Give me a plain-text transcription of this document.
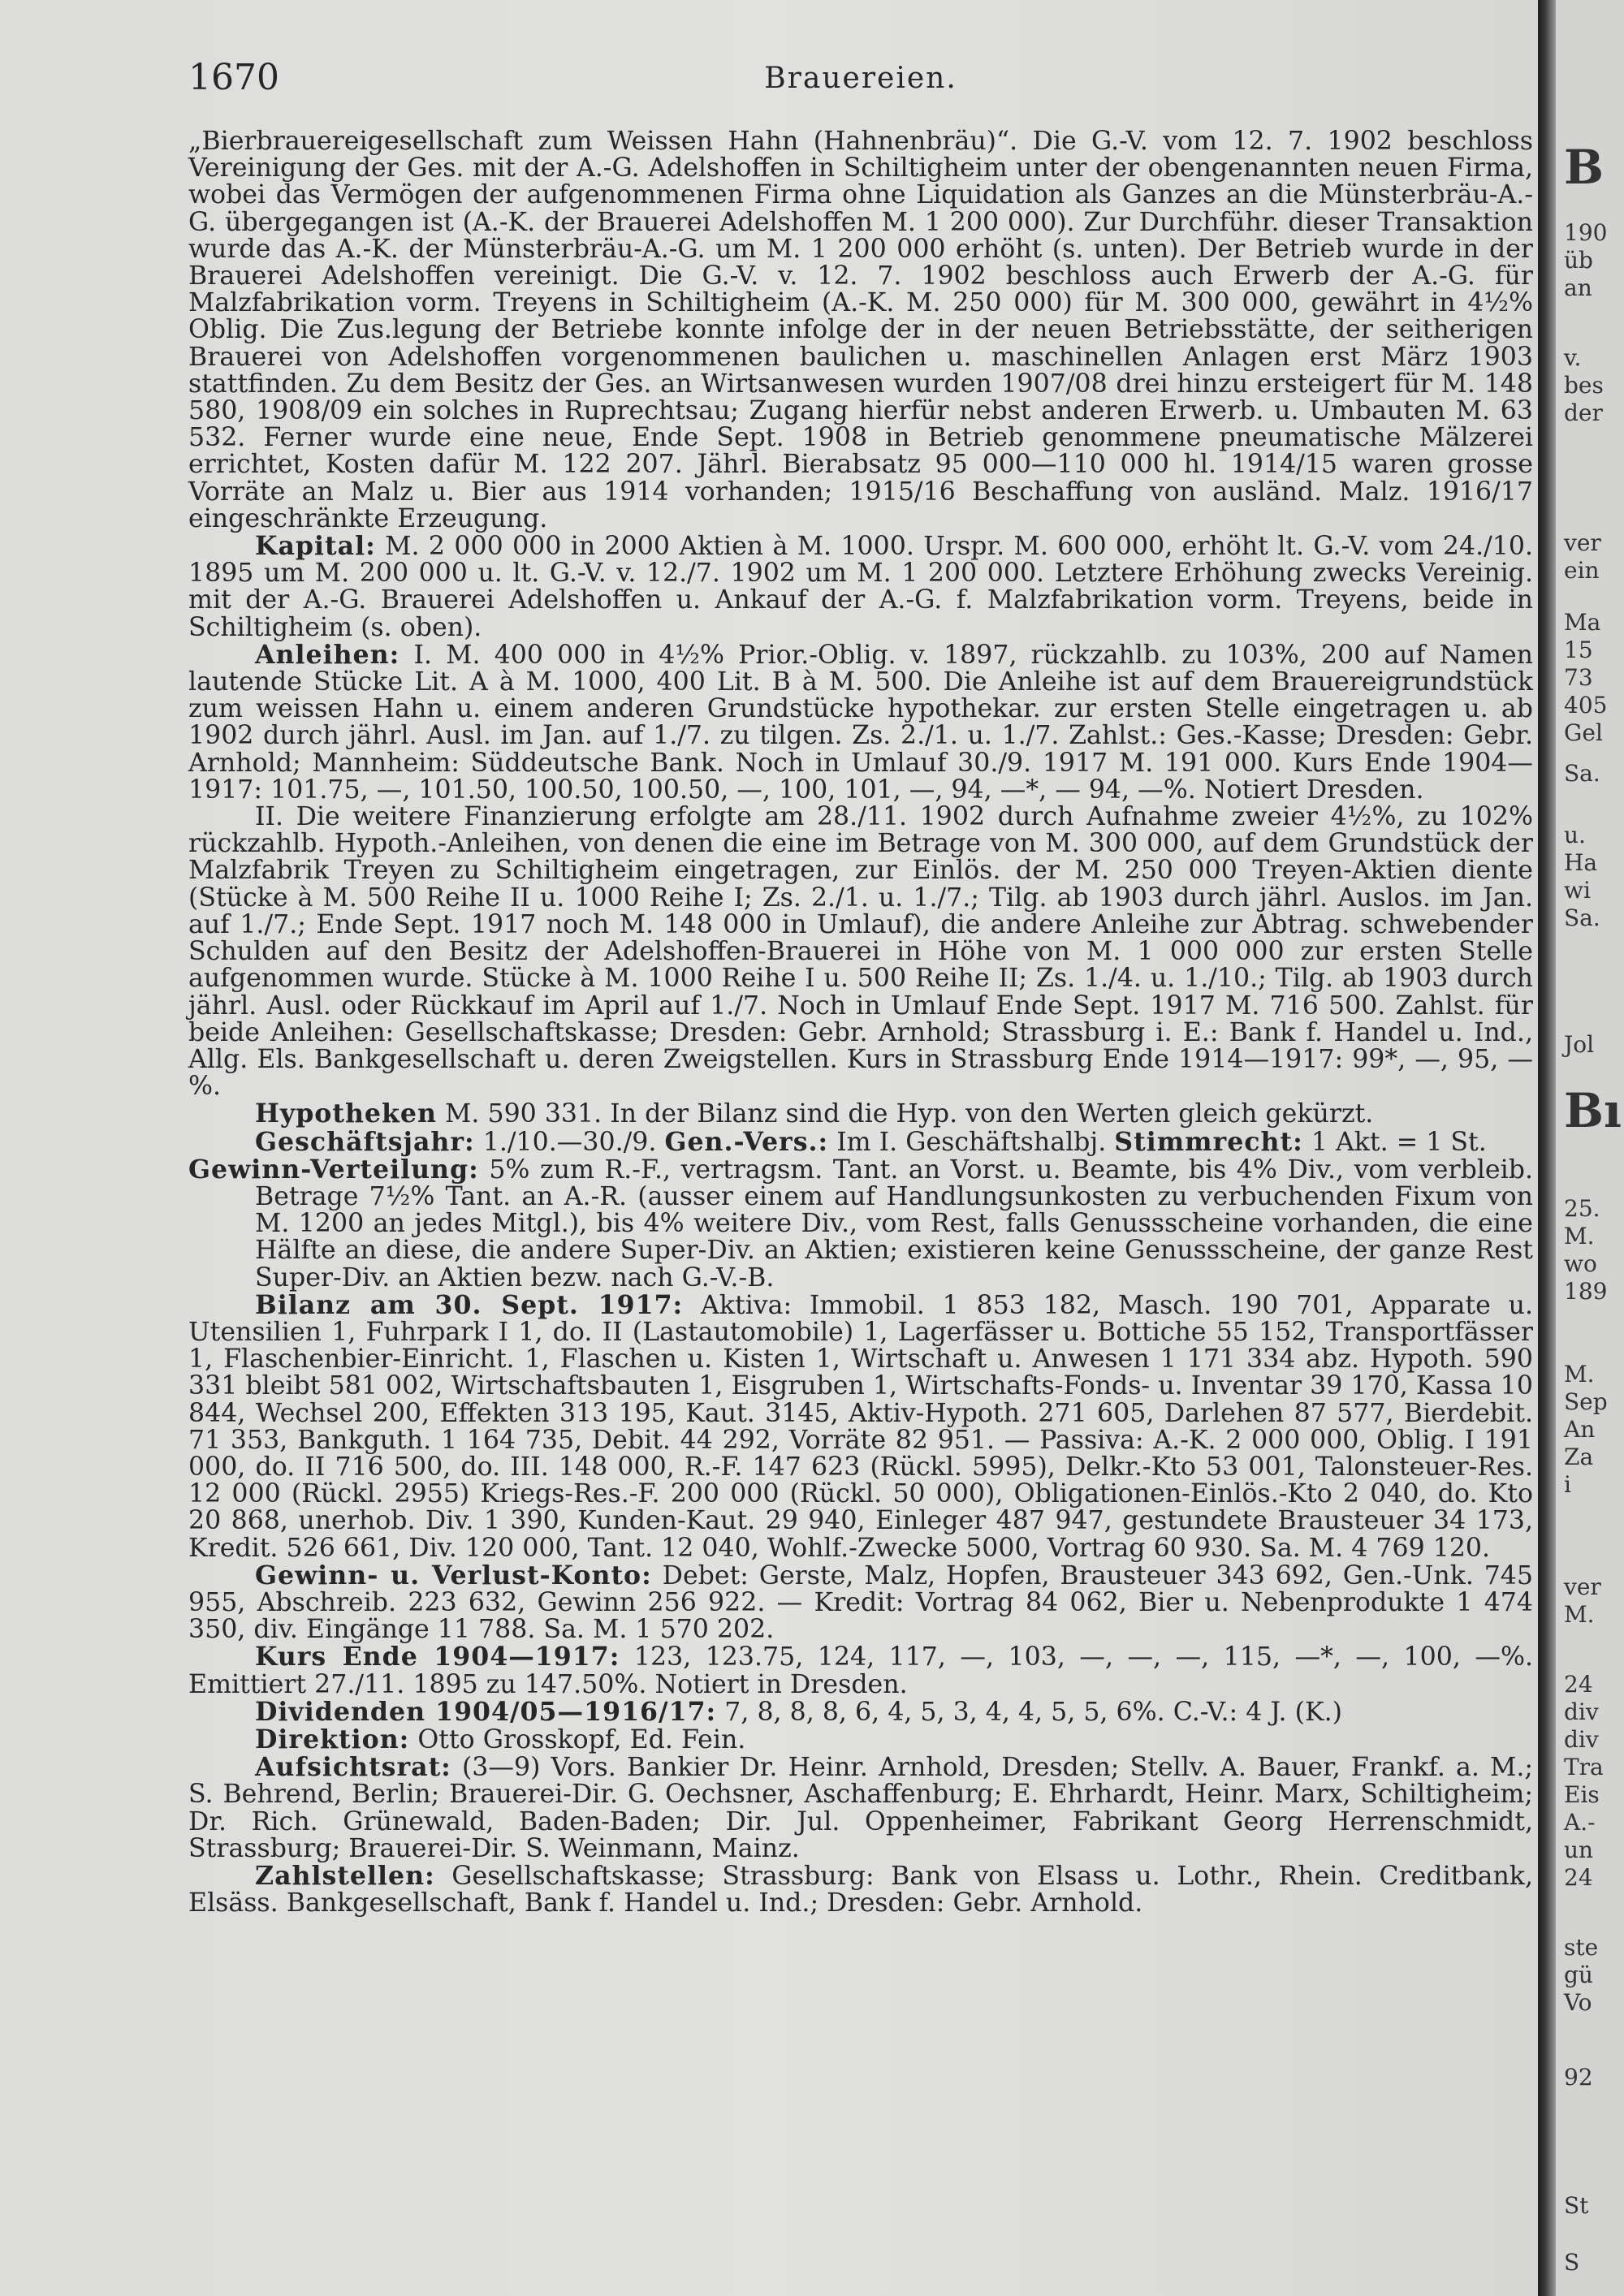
1670	Brauereien.

„Bierbrauereigesellschaft zum Weissen Hahn (Hahnenbräu)“. Die G.-V. vom 12. 7. 1902 beschloss Vereinigung der Ges. mit der A.-G. Adelshoffen in Schiltigheim unter der obengenannten neuen Firma, wobei das Vermögen der aufgenommenen Firma ohne Liquidation als Ganzes an die Münsterbräu-A.-G. übergegangen ist (A.-K. der Brauerei Adelshoffen M. 1 200 000). Zur Durchführ. dieser Transaktion wurde das A.-K. der Münsterbräu-A.-G. um M. 1 200 000 erhöht (s. unten). Der Betrieb wurde in der Brauerei Adelshoffen vereinigt. Die G.-V. v. 12. 7. 1902 beschloss auch Erwerb der A.-G. für Malzfabrikation vorm. Treyens in Schiltigheim (A.-K. M. 250 000) für M. 300 000, gewährt in 4½% Oblig. Die Zus.legung der Betriebe konnte infolge der in der neuen Betriebsstätte, der seitherigen Brauerei von Adelshoffen vorgenommenen baulichen u. maschinellen Anlagen erst März 1903 stattfinden. Zu dem Besitz der Ges. an Wirtsanwesen wurden 1907/08 drei hinzu ersteigert für M. 148 580, 1908/09 ein solches in Ruprechtsau; Zugang hierfür nebst anderen Erwerb. u. Umbauten M. 63 532. Ferner wurde eine neue, Ende Sept. 1908 in Betrieb genommene pneumatische Mälzerei errichtet, Kosten dafür M. 122 207. Jährl. Bierabsatz 95 000—110 000 hl. 1914/15 waren grosse Vorräte an Malz u. Bier aus 1914 vorhanden; 1915/16 Beschaffung von ausländ. Malz. 1916/17 eingeschränkte Erzeugung.

Kapital: M. 2 000 000 in 2000 Aktien à M. 1000. Urspr. M. 600 000, erhöht lt. G.-V. vom 24./10. 1895 um M. 200 000 u. lt. G.-V. v. 12./7. 1902 um M. 1 200 000. Letztere Erhöhung zwecks Vereinig. mit der A.-G. Brauerei Adelshoffen u. Ankauf der A.-G. f. Malzfabrikation vorm. Treyens, beide in Schiltigheim (s. oben).

Anleihen: I. M. 400 000 in 4½% Prior.-Oblig. v. 1897, rückzahlb. zu 103%, 200 auf Namen lautende Stücke Lit. A à M. 1000, 400 Lit. B à M. 500. Die Anleihe ist auf dem Brauereigrundstück zum weissen Hahn u. einem anderen Grundstücke hypothekar. zur ersten Stelle eingetragen u. ab 1902 durch jährl. Ausl. im Jan. auf 1./7. zu tilgen. Zs. 2./1. u. 1./7. Zahlst.: Ges.-Kasse; Dresden: Gebr. Arnhold; Mannheim: Süddeutsche Bank. Noch in Umlauf 30./9. 1917 M. 191 000. Kurs Ende 1904—1917: 101.75, —, 101.50, 100.50, 100.50, —, 100, 101, —, 94, —*, — 94, —%. Notiert Dresden.

II. Die weitere Finanzierung erfolgte am 28./11. 1902 durch Aufnahme zweier 4½%, zu 102% rückzahlb. Hypoth.-Anleihen, von denen die eine im Betrage von M. 300 000, auf dem Grundstück der Malzfabrik Treyen zu Schiltigheim eingetragen, zur Einlös. der M. 250 000 Treyen-Aktien diente (Stücke à M. 500 Reihe II u. 1000 Reihe I; Zs. 2./1. u. 1./7.; Tilg. ab 1903 durch jährl. Auslos. im Jan. auf 1./7.; Ende Sept. 1917 noch M. 148 000 in Umlauf), die andere Anleihe zur Abtrag. schwebender Schulden auf den Besitz der Adelshoffen-Brauerei in Höhe von M. 1 000 000 zur ersten Stelle aufgenommen wurde. Stücke à M. 1000 Reihe I u. 500 Reihe II; Zs. 1./4. u. 1./10.; Tilg. ab 1903 durch jährl. Ausl. oder Rückkauf im April auf 1./7. Noch in Umlauf Ende Sept. 1917 M. 716 500. Zahlst. für beide Anleihen: Gesellschaftskasse; Dresden: Gebr. Arnhold; Strassburg i. E.: Bank f. Handel u. Ind., Allg. Els. Bankgesellschaft u. deren Zweigstellen. Kurs in Strassburg Ende 1914—1917: 99*, —, 95, —%.

Hypotheken M. 590 331. In der Bilanz sind die Hyp. von den Werten gleich gekürzt.

Geschäftsjahr: 1./10.—30./9. Gen.-Vers.: Im I. Geschäftshalbj. Stimmrecht: 1 Akt. = 1 St.

Gewinn-Verteilung: 5% zum R.-F., vertragsm. Tant. an Vorst. u. Beamte, bis 4% Div., vom verbleib. Betrage 7½% Tant. an A.-R. (ausser einem auf Handlungsunkosten zu verbuchenden Fixum von M. 1200 an jedes Mitgl.), bis 4% weitere Div., vom Rest, falls Genussscheine vorhanden, die eine Hälfte an diese, die andere Super-Div. an Aktien; existieren keine Genussscheine, der ganze Rest Super-Div. an Aktien bezw. nach G.-V.-B.

Bilanz am 30. Sept. 1917: Aktiva: Immobil. 1 853 182, Masch. 190 701, Apparate u. Utensilien 1, Fuhrpark I 1, do. II (Lastautomobile) 1, Lagerfässer u. Bottiche 55 152, Transportfässer 1, Flaschenbier-Einricht. 1, Flaschen u. Kisten 1, Wirtschaft u. Anwesen 1 171 334 abz. Hypoth. 590 331 bleibt 581 002, Wirtschaftsbauten 1, Eisgruben 1, Wirtschafts-Fonds- u. Inventar 39 170, Kassa 10 844, Wechsel 200, Effekten 313 195, Kaut. 3145, Aktiv-Hypoth. 271 605, Darlehen 87 577, Bierdebit. 71 353, Bankguth. 1 164 735, Debit. 44 292, Vorräte 82 951. — Passiva: A.-K. 2 000 000, Oblig. I 191 000, do. II 716 500, do. III. 148 000, R.-F. 147 623 (Rückl. 5995), Delkr.-Kto 53 001, Talonsteuer-Res. 12 000 (Rückl. 2955) Kriegs-Res.-F. 200 000 (Rückl. 50 000), Obligationen-Einlös.-Kto 2 040, do. Kto 20 868, unerhob. Div. 1 390, Kunden-Kaut. 29 940, Einleger 487 947, gestundete Brausteuer 34 173, Kredit. 526 661, Div. 120 000, Tant. 12 040, Wohlf.-Zwecke 5000, Vortrag 60 930. Sa. M. 4 769 120.

Gewinn- u. Verlust-Konto: Debet: Gerste, Malz, Hopfen, Brausteuer 343 692, Gen.-Unk. 745 955, Abschreib. 223 632, Gewinn 256 922. — Kredit: Vortrag 84 062, Bier u. Nebenprodukte 1 474 350, div. Eingänge 11 788. Sa. M. 1 570 202.

Kurs Ende 1904—1917: 123, 123.75, 124, 117, —, 103, —, —, —, 115, —*, —, 100, —%. Emittiert 27./11. 1895 zu 147.50%. Notiert in Dresden.

Dividenden 1904/05—1916/17: 7, 8, 8, 8, 6, 4, 5, 3, 4, 4, 5, 5, 6%. C.-V.: 4 J. (K.)

Direktion: Otto Grosskopf, Ed. Fein.

Aufsichtsrat: (3—9) Vors. Bankier Dr. Heinr. Arnhold, Dresden; Stellv. A. Bauer, Frankf. a. M.; S. Behrend, Berlin; Brauerei-Dir. G. Oechsner, Aschaffenburg; E. Ehrhardt, Heinr. Marx, Schiltigheim; Dr. Rich. Grünewald, Baden-Baden; Dir. Jul. Oppenheimer, Fabrikant Georg Herrenschmidt, Strassburg; Brauerei-Dir. S. Weinmann, Mainz.

Zahlstellen: Gesellschaftskasse; Strassburg: Bank von Elsass u. Lothr., Rhein. Creditbank, Elsäss. Bankgesellschaft, Bank f. Handel u. Ind.; Dresden: Gebr. Arnhold.

B
190
üb
an
v.
bes
der
ver
ein
Ma
15
73
405
Gel
Sa.
u.
Ha
wi
Sa.
Jol
Bı
25.
M.
wo
189
M.
Sep
An
Za
i
ver
M.
24
div
div
Tra
Eis
A.-
un
24
ste
gü
Vo
92
St
S
